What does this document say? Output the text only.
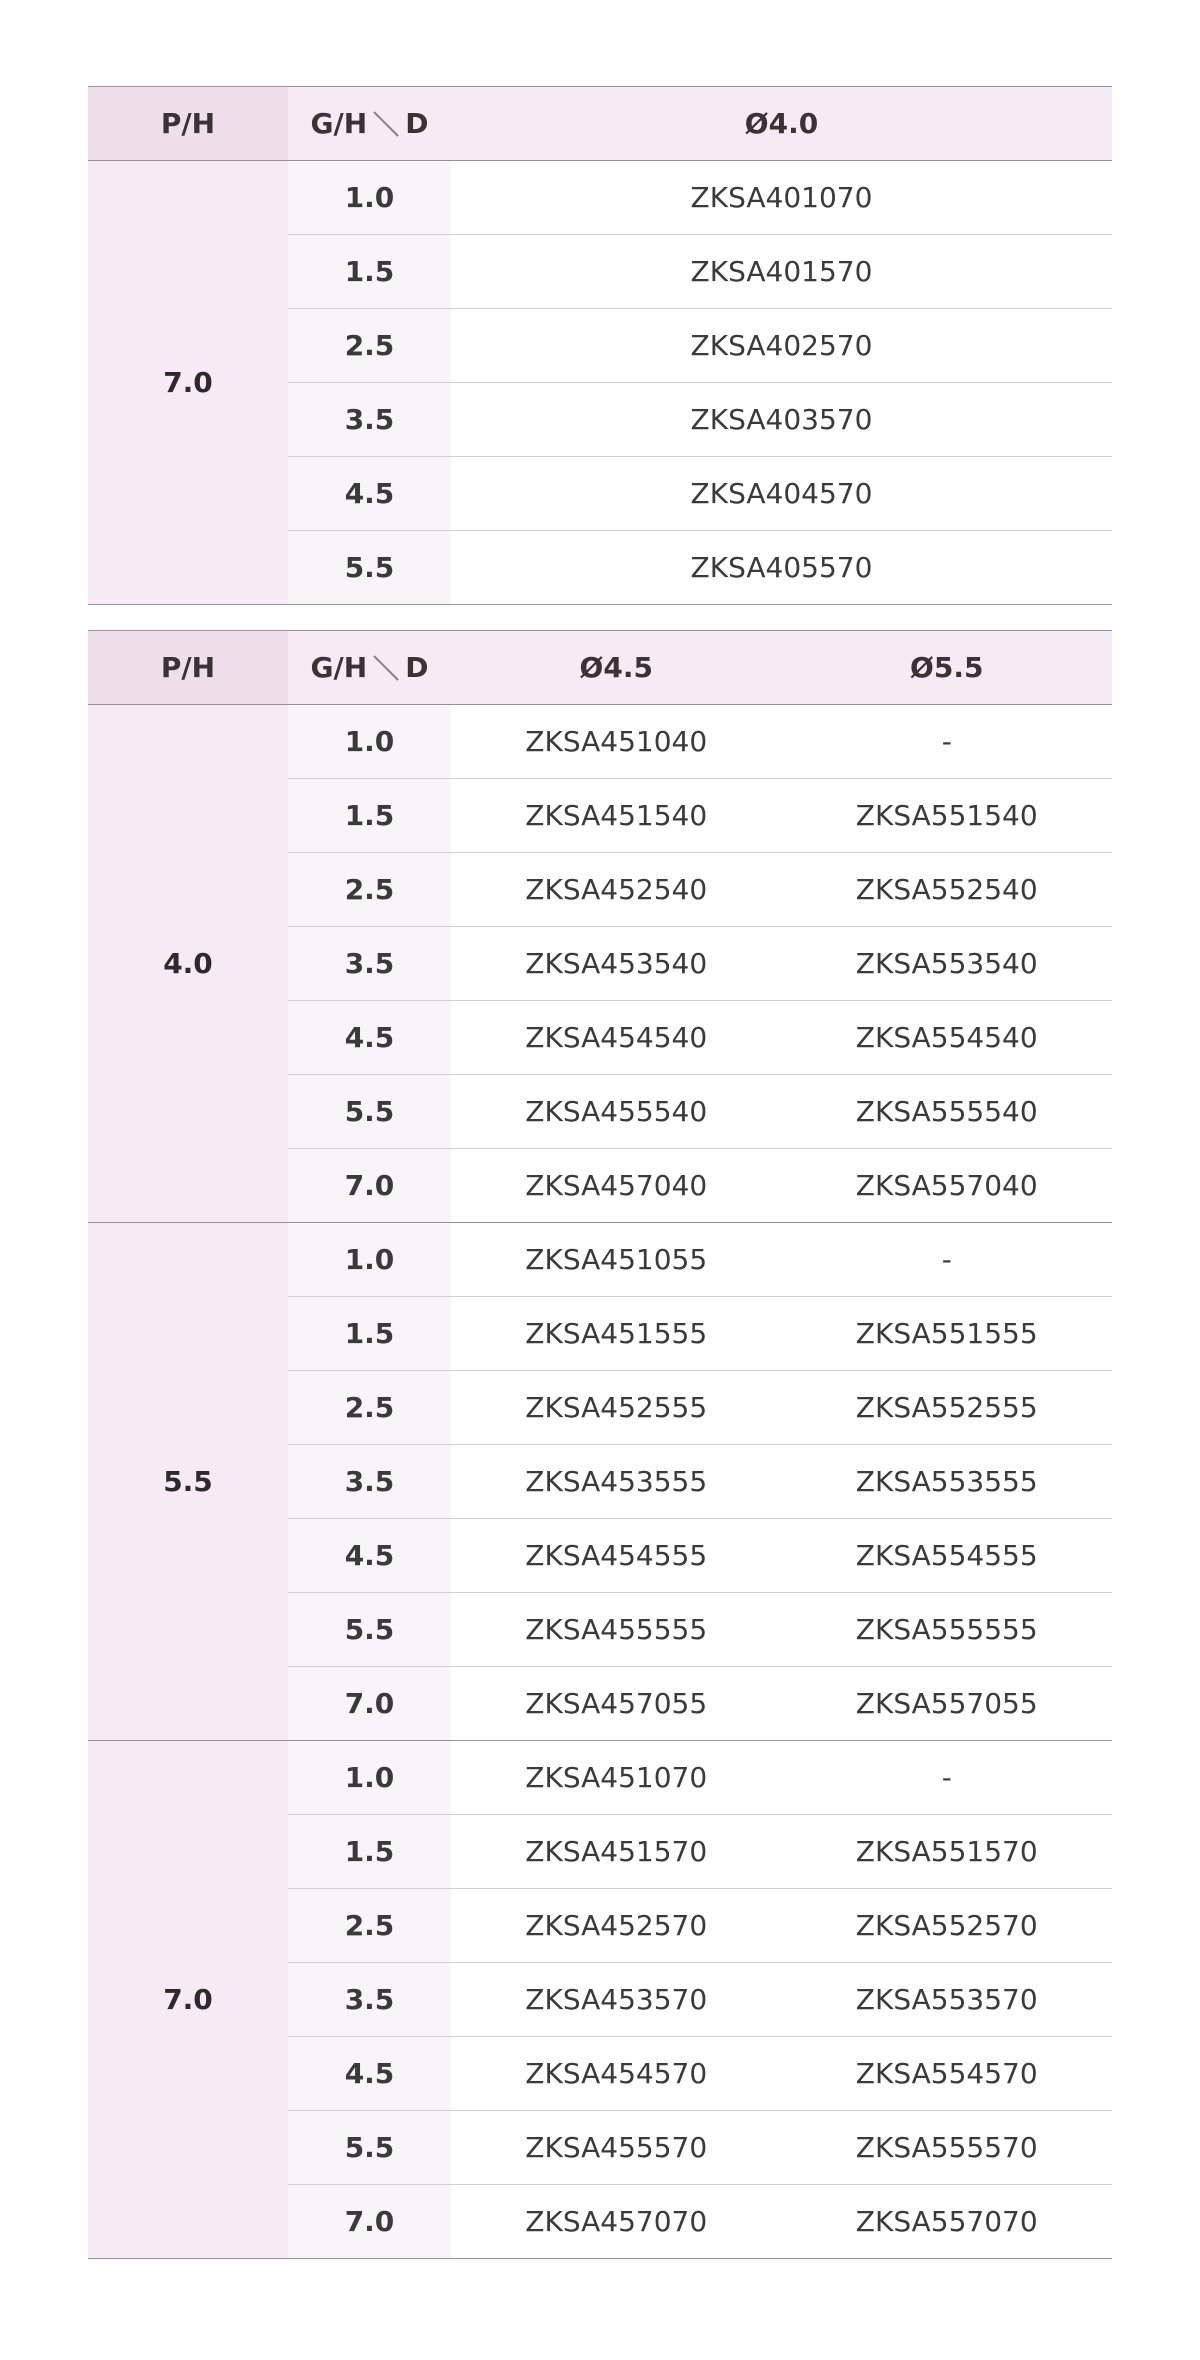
P/H	G/H D	Ø4.0
7.0	1.0	ZKSA401070
	1.5	ZKSA401570
	2.5	ZKSA402570
	3.5	ZKSA403570
	4.5	ZKSA404570
	5.5	ZKSA405570
P/H	G/H D	Ø4.5	Ø5.5
4.0	1.0	ZKSA451040	-
	1.5	ZKSA451540	ZKSA551540
	2.5	ZKSA452540	ZKSA552540
	3.5	ZKSA453540	ZKSA553540
	4.5	ZKSA454540	ZKSA554540
	5.5	ZKSA455540	ZKSA555540
	7.0	ZKSA457040	ZKSA557040
5.5	1.0	ZKSA451055	-
	1.5	ZKSA451555	ZKSA551555
	2.5	ZKSA452555	ZKSA552555
	3.5	ZKSA453555	ZKSA553555
	4.5	ZKSA454555	ZKSA554555
	5.5	ZKSA455555	ZKSA555555
	7.0	ZKSA457055	ZKSA557055
7.0	1.0	ZKSA451070	-
	1.5	ZKSA451570	ZKSA551570
	2.5	ZKSA452570	ZKSA552570
	3.5	ZKSA453570	ZKSA553570
	4.5	ZKSA454570	ZKSA554570
	5.5	ZKSA455570	ZKSA555570
	7.0	ZKSA457070	ZKSA557070
